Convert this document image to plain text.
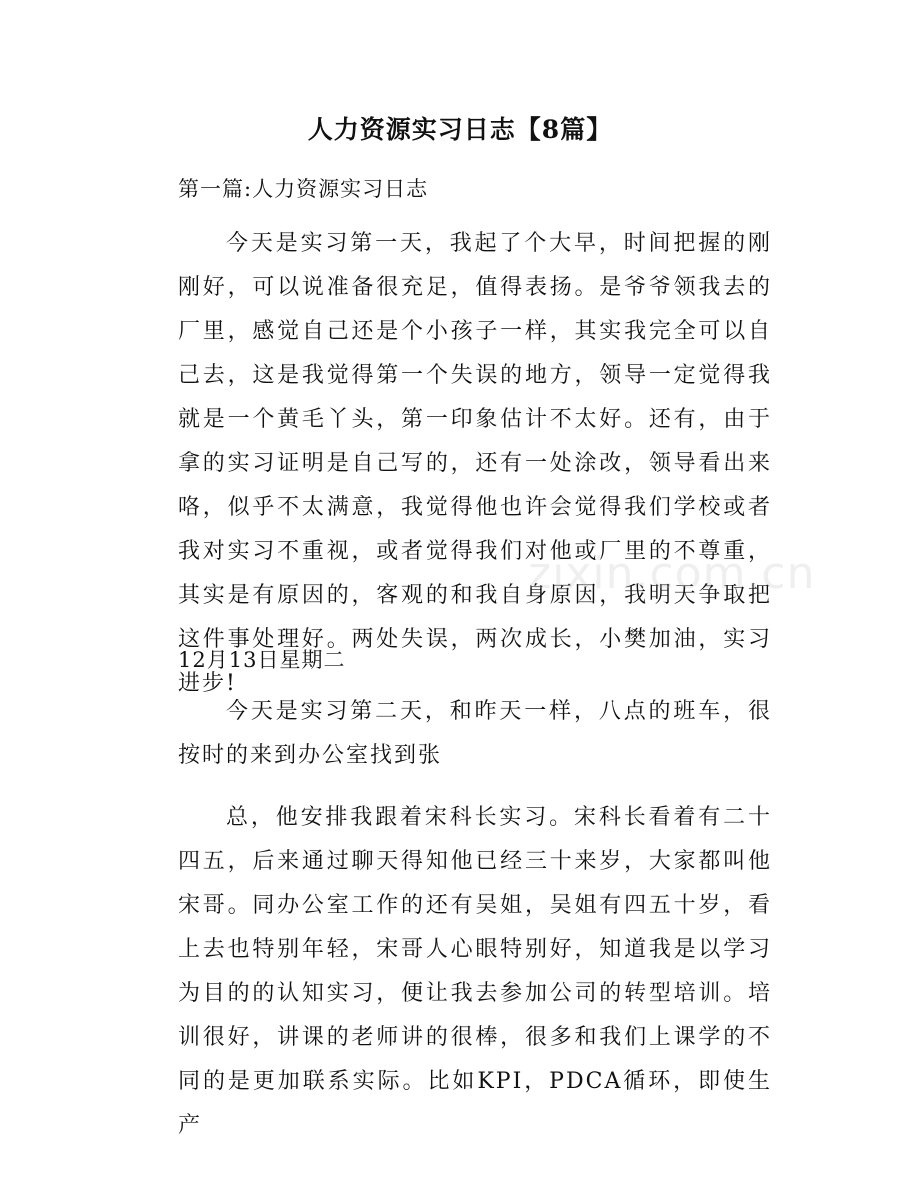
人力资源实习日志【8篇】

第一篇:人力资源实习日志

今天是实习第一天，我起了个大早，时间把握的刚刚好，可以说准备很充足，值得表扬。是爷爷领我去的厂里，感觉自己还是个小孩子一样，其实我完全可以自己去，这是我觉得第一个失误的地方，领导一定觉得我就是一个黄毛丫头，第一印象估计不太好。还有，由于拿的实习证明是自己写的，还有一处涂改，领导看出来咯，似乎不太满意，我觉得他也许会觉得我们学校或者我对实习不重视，或者觉得我们对他或厂里的不尊重，其实是有原因的，客观的和我自身原因，我明天争取把这件事处理好。两处失误，两次成长，小樊加油，实习进步!

12月13日星期二

今天是实习第二天，和昨天一样，八点的班车，很按时的来到办公室找到张

总，他安排我跟着宋科长实习。宋科长看着有二十四五，后来通过聊天得知他已经三十来岁，大家都叫他宋哥。同办公室工作的还有吴姐，吴姐有四五十岁，看上去也特别年轻，宋哥人心眼特别好，知道我是以学习为目的的认知实习，便让我去参加公司的转型培训。培训很好，讲课的老师讲的很棒，很多和我们上课学的不同的是更加联系实际。比如KPI，PDCA循环，即使生产

zixin.com.cn
